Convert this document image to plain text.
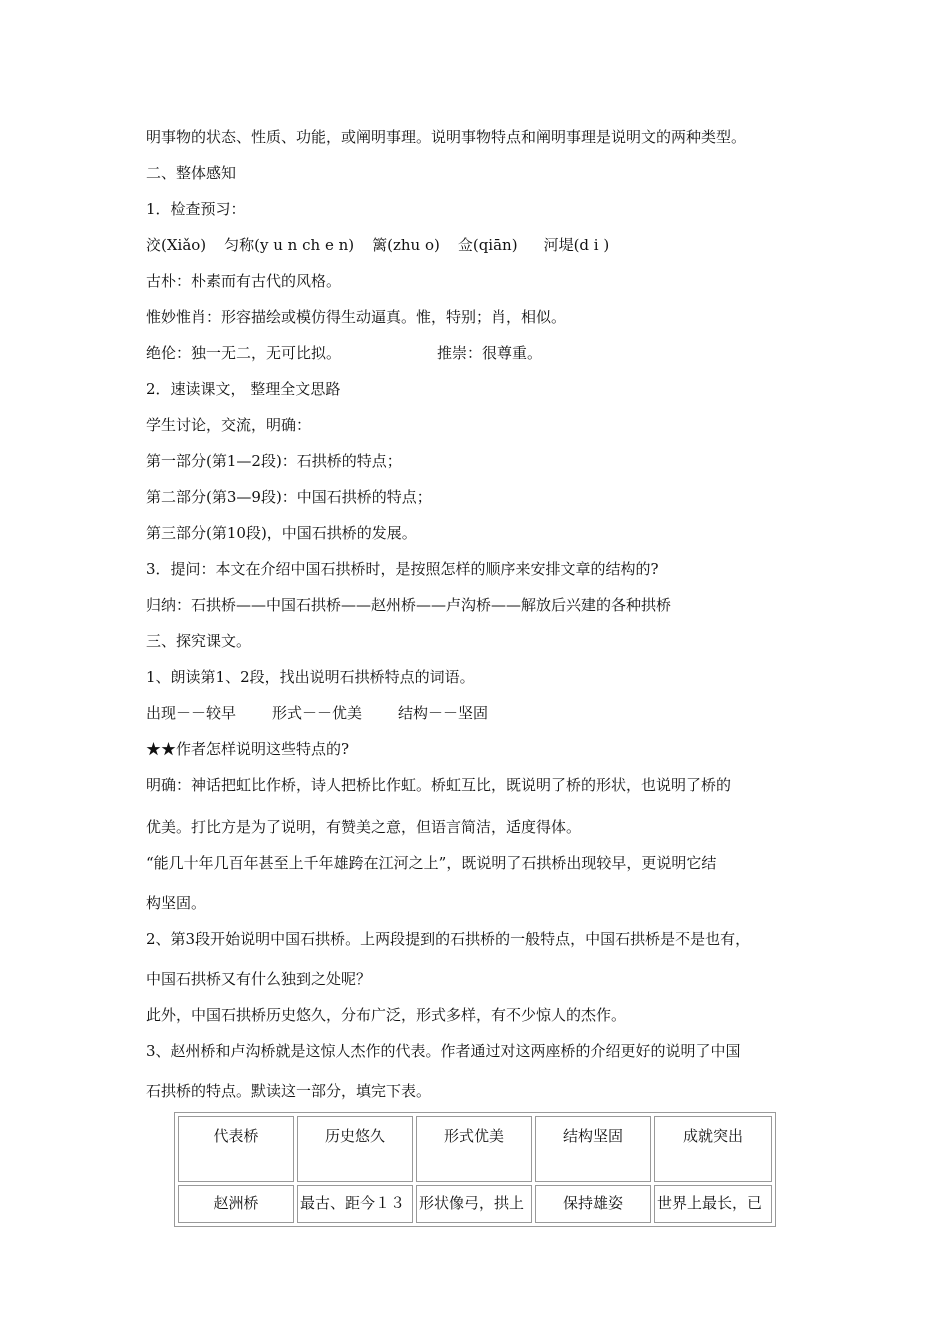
明事物的状态、性质、功能，或阐明事理。说明事物特点和阐明事理是说明文的两种类型。
二、整体感知
1．检查预习：
洨(Xiǎo) 匀称(y u n ch e n) 篱(zhu o) 佥(qiān) 河堤(d i )
古朴：朴素而有古代的风格。
惟妙惟肖：形容描绘或模仿得生动逼真。惟，特别；肖，相似。
绝伦：独一无二，无可比拟。	推崇：很尊重。
2．速读课文， 整理全文思路
学生讨论，交流，明确：
第一部分(第1—2段)：石拱桥的特点；
第二部分(第3—9段)：中国石拱桥的特点；
第三部分(第10段)，中国石拱桥的发展。
3．提问：本文在介绍中国石拱桥时，是按照怎样的顺序来安排文章的结构的?
归纳：石拱桥——中国石拱桥——赵州桥——卢沟桥——解放后兴建的各种拱桥
三、探究课文。
1、朗读第1、2段，找出说明石拱桥特点的词语。
出现－－较早 形式－－优美 结构－－坚固
★★作者怎样说明这些特点的?
明确：神话把虹比作桥，诗人把桥比作虹。桥虹互比，既说明了桥的形状，也说明了桥的
优美。打比方是为了说明，有赞美之意，但语言简洁，适度得体。
“能几十年几百年甚至上千年雄跨在江河之上”，既说明了石拱桥出现较早，更说明它结
构坚固。
2、第3段开始说明中国石拱桥。上两段提到的石拱桥的一般特点，中国石拱桥是不是也有，
中国石拱桥又有什么独到之处呢？
此外，中国石拱桥历史悠久，分布广泛，形式多样，有不少惊人的杰作。
3、赵州桥和卢沟桥就是这惊人杰作的代表。作者通过对这两座桥的介绍更好的说明了中国
石拱桥的特点。默读这一部分，填完下表。
代表桥	历史悠久	形式优美	结构坚固	成就突出
赵洲桥	最古、距今１３	形状像弓，拱上	保持雄姿	世界上最长，已
